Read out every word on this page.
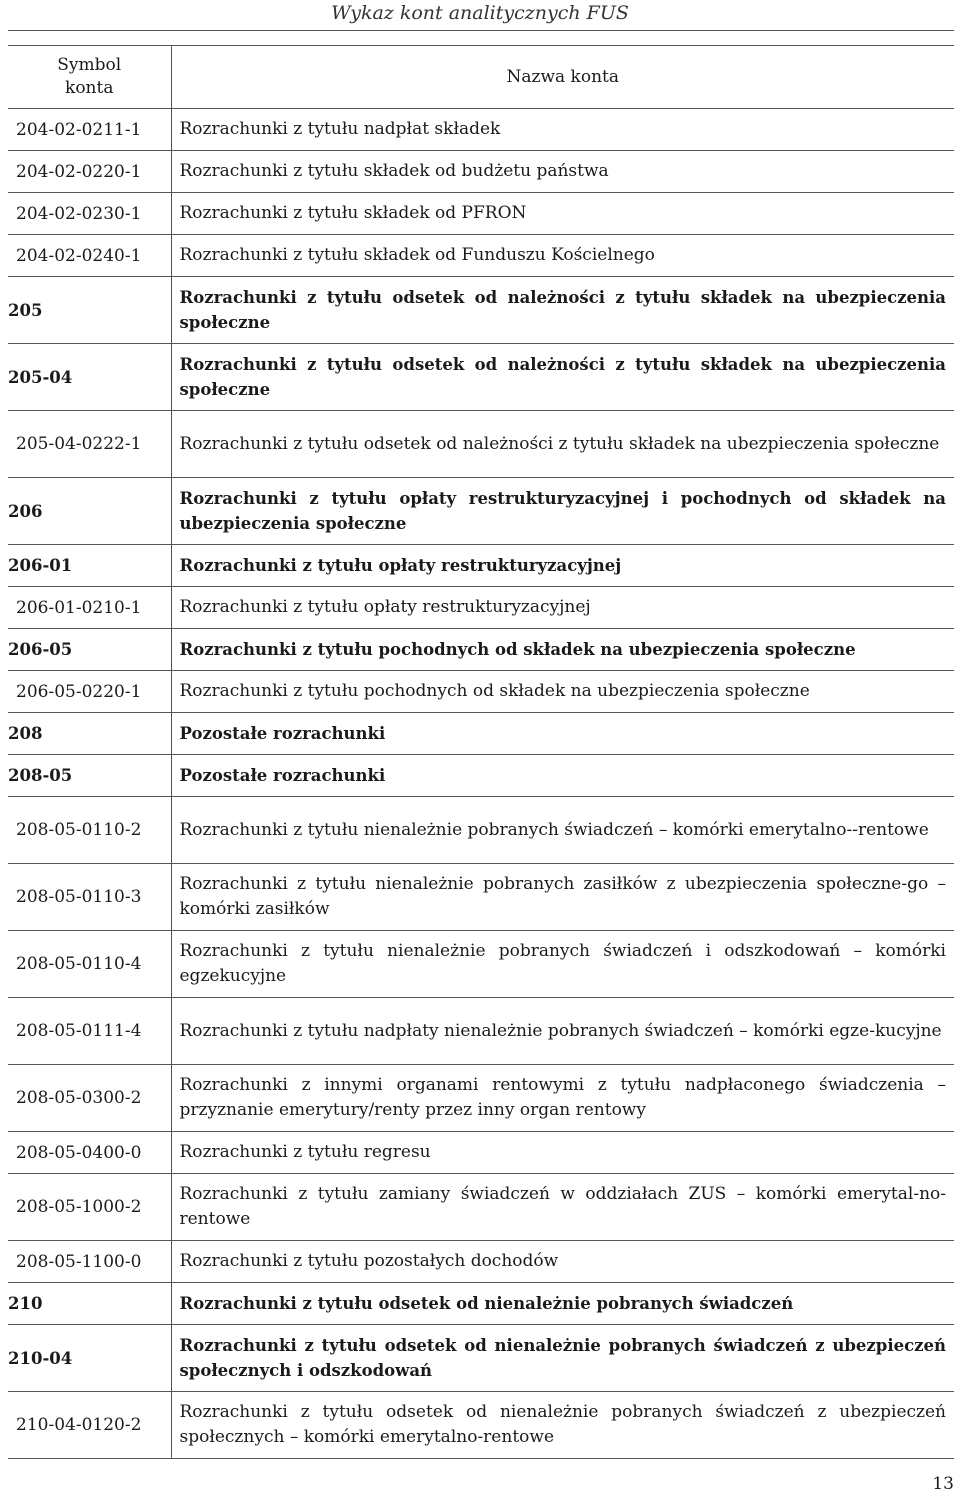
Wykaz kont analitycznych FUS
Symbol
konta	Nazwa konta
204-02-0211-1	Rozrachunki z tytułu nadpłat składek
204-02-0220-1	Rozrachunki z tytułu składek od budżetu państwa
204-02-0230-1	Rozrachunki z tytułu składek od PFRON
204-02-0240-1	Rozrachunki z tytułu składek od Funduszu Kościelnego
205	Rozrachunki z tytułu odsetek od należności z tytułu składek na ubezpieczenia społeczne
205-04	Rozrachunki z tytułu odsetek od należności z tytułu składek na ubezpieczenia społeczne
205-04-0222-1	Rozrachunki z tytułu odsetek od należności z tytułu składek na ubezpieczenia społeczne
206	Rozrachunki z tytułu opłaty restrukturyzacyjnej i pochodnych od składek na ubezpieczenia społeczne
206-01	Rozrachunki z tytułu opłaty restrukturyzacyjnej
206-01-0210-1	Rozrachunki z tytułu opłaty restrukturyzacyjnej
206-05	Rozrachunki z tytułu pochodnych od składek na ubezpieczenia społeczne
206-05-0220-1	Rozrachunki z tytułu pochodnych od składek na ubezpieczenia społeczne
208	Pozostałe rozrachunki
208-05	Pozostałe rozrachunki
208-05-0110-2	Rozrachunki z tytułu nienależnie pobranych świadczeń – komórki emerytalno--rentowe
208-05-0110-3	Rozrachunki z tytułu nienależnie pobranych zasiłków z ubezpieczenia społeczne-go – komórki zasiłków
208-05-0110-4	Rozrachunki z tytułu nienależnie pobranych świadczeń i odszkodowań – komórki egzekucyjne
208-05-0111-4	Rozrachunki z tytułu nadpłaty nienależnie pobranych świadczeń – komórki egze-kucyjne
208-05-0300-2	Rozrachunki z innymi organami rentowymi z tytułu nadpłaconego świadczenia – przyznanie emerytury/renty przez inny organ rentowy
208-05-0400-0	Rozrachunki z tytułu regresu
208-05-1000-2	Rozrachunki z tytułu zamiany świadczeń w oddziałach ZUS – komórki emerytal-no-rentowe
208-05-1100-0	Rozrachunki z tytułu pozostałych dochodów
210	Rozrachunki z tytułu odsetek od nienależnie pobranych świadczeń
210-04	Rozrachunki z tytułu odsetek od nienależnie pobranych świadczeń z ubezpieczeń społecznych i odszkodowań
210-04-0120-2	Rozrachunki z tytułu odsetek od nienależnie pobranych świadczeń z ubezpieczeń społecznych – komórki emerytalno-rentowe
13
